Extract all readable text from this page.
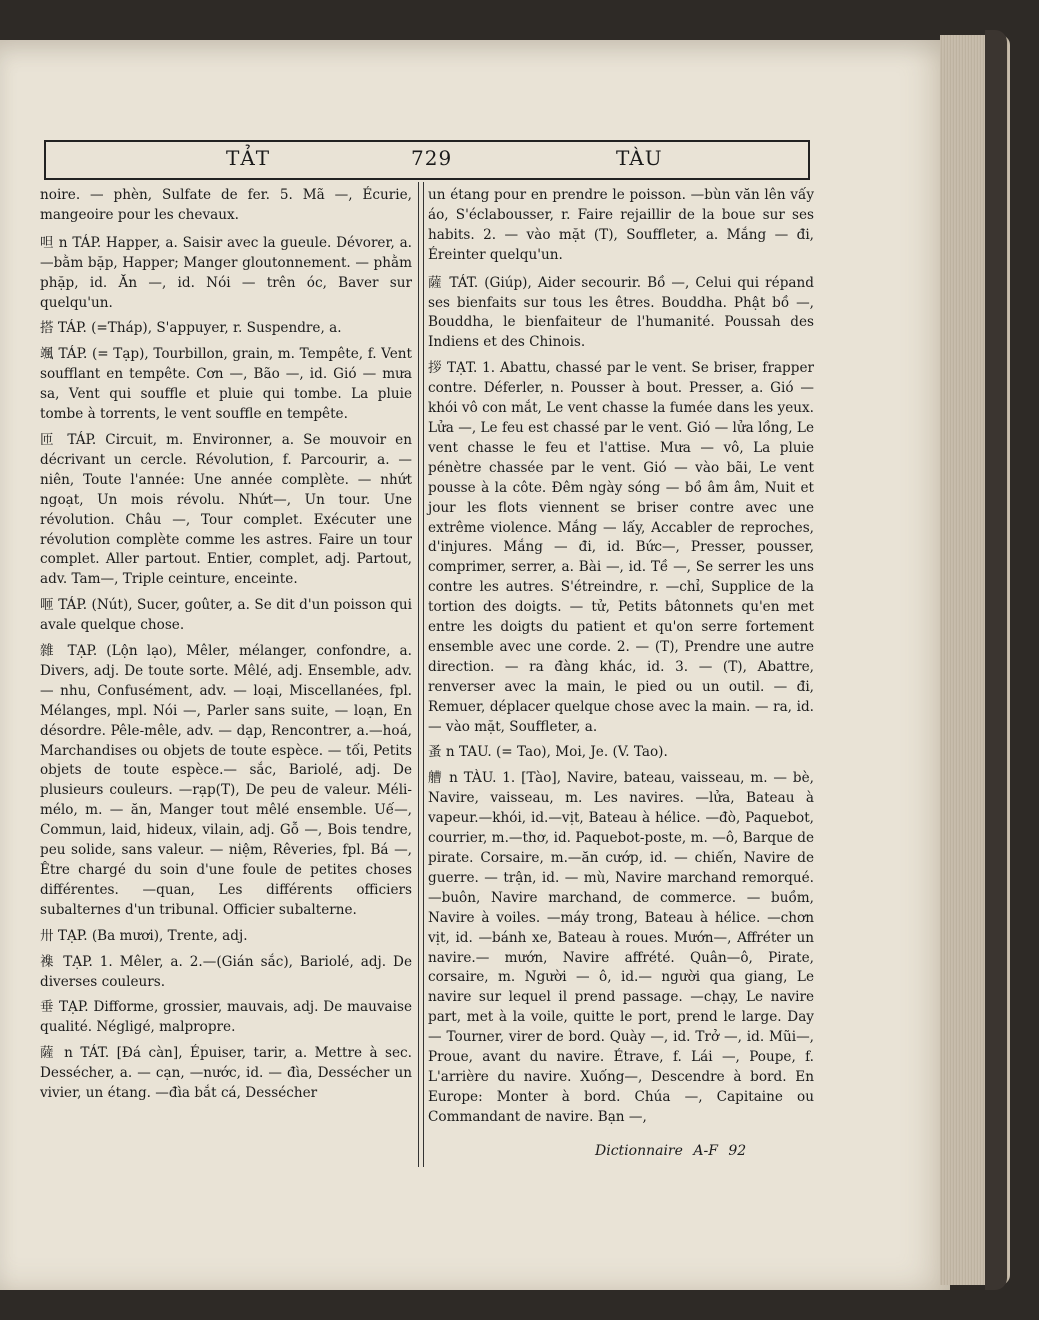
TẢT	729	TÀU

noire. — phèn, Sulfate de fer. 5. Mã —, Écurie, mangeoire pour les chevaux.

呾 n TÁP. Happer, a. Saisir avec la gueule. Dévorer, a.—bằm bặp, Happer; Manger gloutonnement. — phằm phặp, id. Ăn —, id. Nói — trên óc, Baver sur quelqu'un.

搭 TÁP. (=Tháp), S'appuyer, r. Suspendre, a.

颯 TÁP. (= Tạp), Tourbillon, grain, m. Tempête, f. Vent soufflant en tempête. Cơn —, Bão —, id. Gió — mưa sa, Vent qui souffle et pluie qui tombe. La pluie tombe à torrents, le vent souffle en tempête.

匝 TÁP. Circuit, m. Environner, a. Se mouvoir en décrivant un cercle. Révolution, f. Parcourir, a. — niên, Toute l'année: Une année complète. — nhứt ngoạt, Un mois révolu. Nhứt—, Un tour. Une révolution. Châu —, Tour complet. Exécuter une révolution complète comme les astres. Faire un tour complet. Aller partout. Entier, complet, adj. Partout, adv. Tam—, Triple ceinture, enceinte.

咂 TÁP. (Nút), Sucer, goûter, a. Se dit d'un poisson qui avale quelque chose.

雜 TẠP. (Lộn lạo), Mêler, mélanger, confondre, a. Divers, adj. De toute sorte. Mêlé, adj. Ensemble, adv. — nhu, Confusément, adv. — loại, Miscellanées, fpl. Mélanges, mpl. Nói —, Parler sans suite, — loạn, En désordre. Pêle-mêle, adv. — dạp, Rencontrer, a.—hoá, Marchandises ou objets de toute espèce. — tối, Petits objets de toute espèce.— sắc, Bariolé, adj. De plusieurs couleurs. —rạp(T), De peu de valeur. Méli-mélo, m. — ăn, Manger tout mêlé ensemble. Uế—, Commun, laid, hideux, vilain, adj. Gỗ —, Bois tendre, peu solide, sans valeur. — niệm, Rêveries, fpl. Bá —, Être chargé du soin d'une foule de petites choses différentes. —quan, Les différents officiers subalternes d'un tribunal. Officier subalterne.

卅 TẠP. (Ba mươi), Trente, adj.

襍 TẠP. 1. Mêler, a. 2.—(Gián sắc), Bariolé, adj. De diverses couleurs.

垂 TẠP. Difforme, grossier, mauvais, adj. De mauvaise qualité. Négligé, malpropre.

薩 n TÁT. [Đá càn], Épuiser, tarir, a. Mettre à sec. Dessécher, a. — cạn, —nước, id. — đìa, Dessécher un vivier, un étang. —đìa bắt cá, Dessécher

un étang pour en prendre le poisson. —bùn văn lên vấy áo, S'éclabousser, r. Faire rejaillir de la boue sur ses habits. 2. — vào mặt (T), Souffleter, a. Mắng — đi, Éreinter quelqu'un.

薩 TÁT. (Giúp), Aider secourir. Bồ —, Celui qui répand ses bienfaits sur tous les êtres. Bouddha. Phật bồ —, Bouddha, le bienfaiteur de l'humanité. Poussah des Indiens et des Chinois.

拶 TẠT. 1. Abattu, chassé par le vent. Se briser, frapper contre. Déferler, n. Pousser à bout. Presser, a. Gió — khói vô con mắt, Le vent chasse la fumée dans les yeux. Lửa —, Le feu est chassé par le vent. Gió — lửa lồng, Le vent chasse le feu et l'attise. Mưa — vô, La pluie pénètre chassée par le vent. Gió — vào bãi, Le vent pousse à la côte. Đêm ngày sóng — bồ âm âm, Nuit et jour les flots viennent se briser contre avec une extrême violence. Mắng — lấy, Accabler de reproches, d'injures. Mắng — đi, id. Bức—, Presser, pousser, comprimer, serrer, a. Bài —, id. Tề —, Se serrer les uns contre les autres. S'étreindre, r. —chỉ, Supplice de la tortion des doigts. — tử, Petits bâtonnets qu'en met entre les doigts du patient et qu'on serre fortement ensemble avec une corde. 2. — (T), Prendre une autre direction. — ra đàng khác, id. 3. — (T), Abattre, renverser avec la main, le pied ou un outil. — đi, Remuer, déplacer quelque chose avec la main. — ra, id. — vào mặt, Souffleter, a.

蚤 n TAU. (= Tao), Moi, Je. (V. Tao).

艚 n TÀU. 1. [Tào], Navire, bateau, vaisseau, m. — bè, Navire, vaisseau, m. Les navires. —lửa, Bateau à vapeur.—khói, id.—vịt, Bateau à hélice. —đò, Paquebot, courrier, m.—thơ, id. Paquebot-poste, m. —ô, Barque de pirate. Corsaire, m.—ăn cướp, id. — chiến, Navire de guerre. — trận, id. — mù, Navire marchand remorqué. —buôn, Navire marchand, de commerce. — buồm, Navire à voiles. —máy trong, Bateau à hélice. —chơn vịt, id. —bánh xe, Bateau à roues. Mướn—, Affréter un navire.— mướn, Navire affrété. Quân—ô, Pirate, corsaire, m. Người — ô, id.— người qua giang, Le navire sur lequel il prend passage. —chạy, Le navire part, met à la voile, quitte le port, prend le large. Day — Tourner, virer de bord. Quày —, id. Trở —, id. Mũi—, Proue, avant du navire. Étrave, f. Lái —, Poupe, f. L'arrière du navire. Xuống—, Descendre à bord. En Europe: Monter à bord. Chúa —, Capitaine ou Commandant de navire. Bạn —,

Dictionnaire A-F 92
